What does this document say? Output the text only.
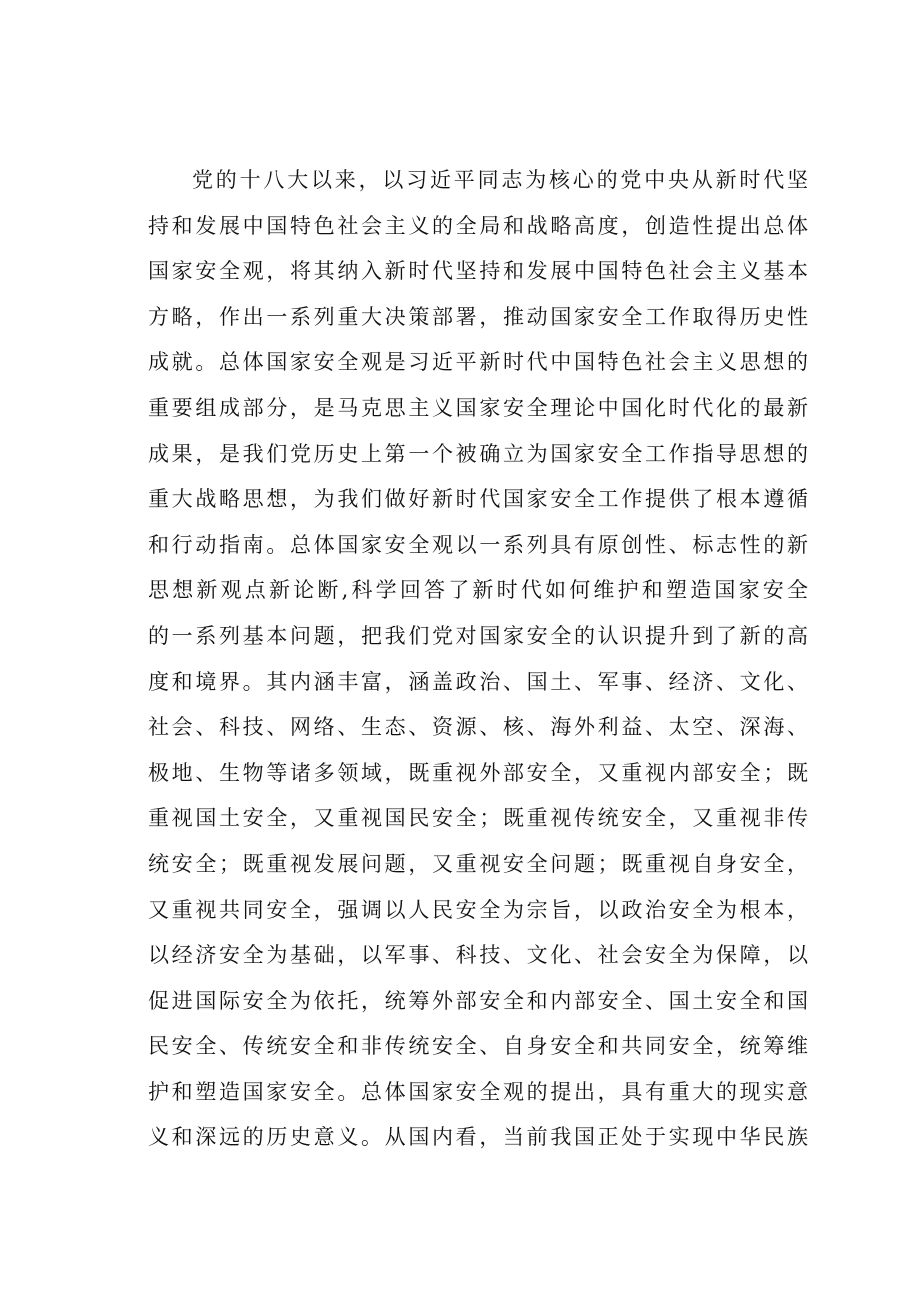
党的十八大以来，以习近平同志为核心的党中央从新时代坚
持和发展中国特色社会主义的全局和战略高度，创造性提出总体
国家安全观，将其纳入新时代坚持和发展中国特色社会主义基本
方略，作出一系列重大决策部署，推动国家安全工作取得历史性
成就。总体国家安全观是习近平新时代中国特色社会主义思想的
重要组成部分，是马克思主义国家安全理论中国化时代化的最新
成果，是我们党历史上第一个被确立为国家安全工作指导思想的
重大战略思想，为我们做好新时代国家安全工作提供了根本遵循
和行动指南。总体国家安全观以一系列具有原创性、标志性的新
思想新观点新论断,科学回答了新时代如何维护和塑造国家安全
的一系列基本问题，把我们党对国家安全的认识提升到了新的高
度和境界。其内涵丰富，涵盖政治、国土、军事、经济、文化、
社会、科技、网络、生态、资源、核、海外利益、太空、深海、
极地、生物等诸多领域，既重视外部安全，又重视内部安全；既
重视国土安全，又重视国民安全；既重视传统安全，又重视非传
统安全；既重视发展问题，又重视安全问题；既重视自身安全，
又重视共同安全，强调以人民安全为宗旨，以政治安全为根本，
以经济安全为基础，以军事、科技、文化、社会安全为保障，以
促进国际安全为依托，统筹外部安全和内部安全、国土安全和国
民安全、传统安全和非传统安全、自身安全和共同安全，统筹维
护和塑造国家安全。总体国家安全观的提出，具有重大的现实意
义和深远的历史意义。从国内看，当前我国正处于实现中华民族
